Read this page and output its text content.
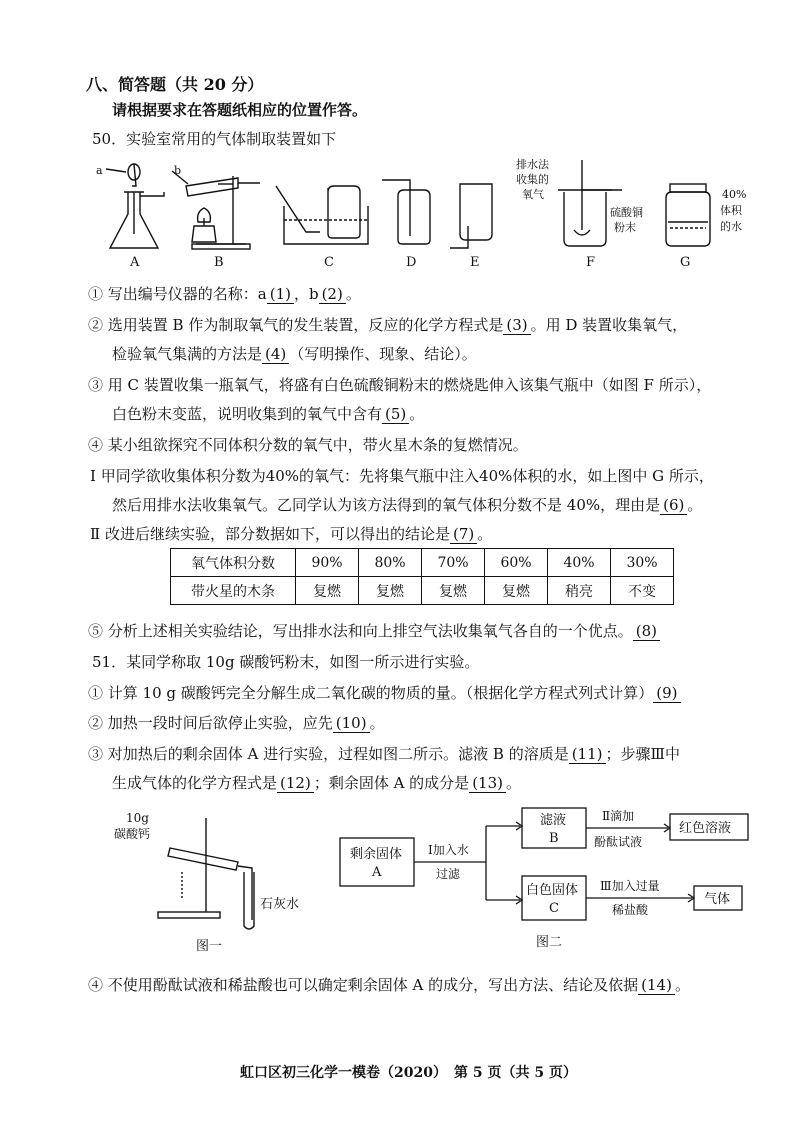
八、简答题（共 20 分）
请根据要求在答题纸相应的位置作答。
50．实验室常用的气体制取装置如下
a	b	排水法
收集的
氧气
硫酸铜
粉末
40%
体积
的水
A	B	C	D	E	F	G
① 写出编号仪器的名称：a (1) ，b (2) 。
② 选用装置 B 作为制取氧气的发生装置，反应的化学方程式是 (3) 。用 D 装置收集氧气，
检验氧气集满的方法是 (4) （写明操作、现象、结论）。
③ 用 C 装置收集一瓶氧气，将盛有白色硫酸铜粉末的燃烧匙伸入该集气瓶中（如图 F 所示），
白色粉末变蓝，说明收集到的氧气中含有 (5) 。
④ 某小组欲探究不同体积分数的氧气中，带火星木条的复燃情况。
Ⅰ 甲同学欲收集体积分数为40%的氧气：先将集气瓶中注入40%体积的水，如上图中 G 所示，
然后用排水法收集氧气。乙同学认为该方法得到的氧气体积分数不是 40%，理由是 (6) 。
Ⅱ 改进后继续实验，部分数据如下，可以得出的结论是 (7) 。
氧气体积分数	90%	80%	70%	60%	40%	30%
带火星的木条	复燃	复燃	复燃	复燃	稍亮	不变
⑤ 分析上述相关实验结论，写出排水法和向上排空气法收集氧气各自的一个优点。 (8)
51．某同学称取 10g 碳酸钙粉末，如图一所示进行实验。
① 计算 10 g 碳酸钙完全分解生成二氧化碳的物质的量。（根据化学方程式列式计算） (9)
② 加热一段时间后欲停止实验，应先 (10) 。
③ 对加热后的剩余固体 A 进行实验，过程如图二所示。滤液 B 的溶质是 (11) ；步骤Ⅲ中
生成气体的化学方程式是 (12) ；剩余固体 A 的成分是 (13) 。
10g
碳酸钙
石灰水
图一
剩余固体
A
Ⅰ加入水
过滤
滤液
B
Ⅱ滴加
酚酞试液
红色溶液
白色固体
C
Ⅲ加入过量
稀盐酸
气体
图二
④ 不使用酚酞试液和稀盐酸也可以确定剩余固体 A 的成分，写出方法、结论及依据 (14) 。
虹口区初三化学一模卷（2020）　第 5 页（共 5 页）
